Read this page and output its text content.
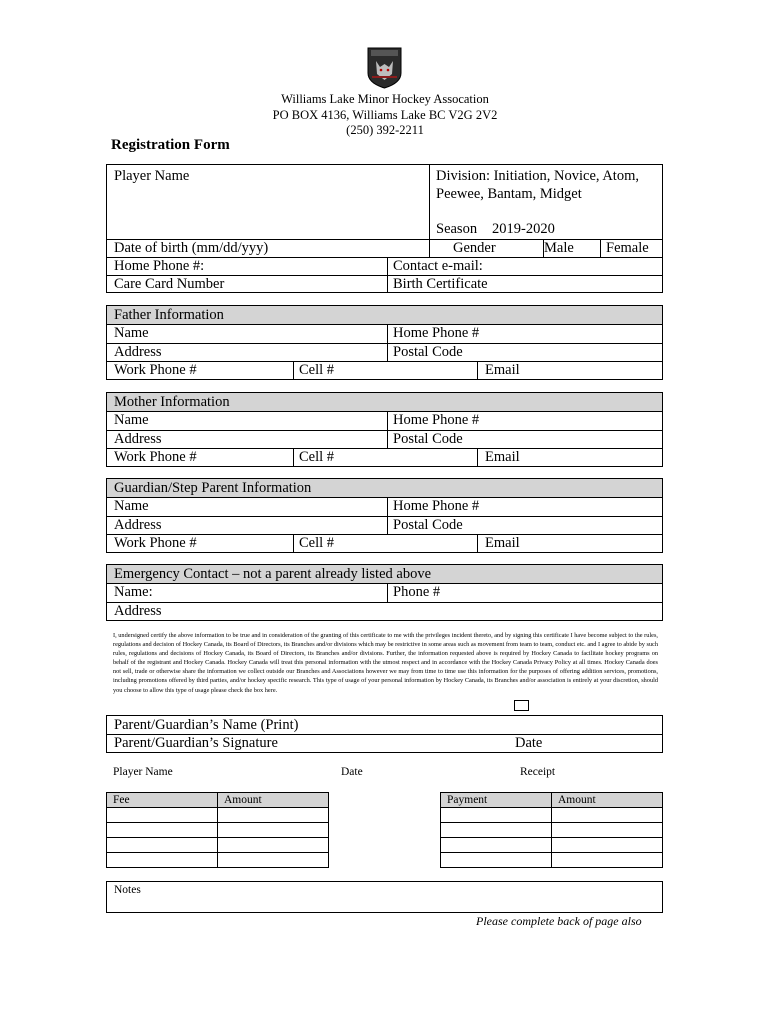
Williams Lake Minor Hockey Assocation
PO BOX 4136, Williams Lake BC V2G 2V2
(250) 392-2211
Registration Form
Player Name	Division: Initiation, Novice, Atom,
Peewee, Bantam, Midget
Season 2019-2020
Date of birth (mm/dd/yyy)	Gender	Male Female
Home Phone #:	Contact e-mail:
Care Card Number	Birth Certificate
Father Information
Name	Home Phone #
Address	Postal Code
Work Phone #	Cell #	Email
Mother Information
Name	Home Phone #
Address	Postal Code
Work Phone #	Cell #	Email
Guardian/Step Parent Information
Name	Home Phone #
Address	Postal Code
Work Phone #	Cell #	Email
Emergency Contact – not a parent already listed above
Name:	Phone #
Address
I, undersigned certify the above information to be true and in consideration of the granting of this certificate to me with the privileges incident thereto, and by signing this certificate I have become subject to the rules, regulations and decision of Hockey Canada, its Board of Directors, its Branches and/or divisions which may be restrictive in some areas such as movement from team to team, conduct etc. and I agree to abide by such rules, regulations and decisions of Hockey Canada, its Board of Directors, its Branches and/or divisions. Further, the information requested above is required by Hockey Canada to facilitate hockey programs on behalf of the registrant and Hockey Canada. Hockey Canada will treat this personal information with the utmost respect and in accordance with the Hockey Canada Privacy Policy at all times. Hockey Canada does not sell, trade or otherwise share the information we collect outside our Branches and Associations however we may from time to time use this information for the purposes of offering addition services, promotions, including promotions offered by third parties, and/or hockey specific research. This type of usage of your personal information by Hockey Canada, its Branches and/or association is entirely at your discretion, should you choose to allow this type of usage please check the box here.
Parent/Guardian’s Name (Print)
Parent/Guardian’s Signature	Date
Player Name	Date	Receipt
Fee	Amount

		Payment	Amount

Notes
Please complete back of page also
